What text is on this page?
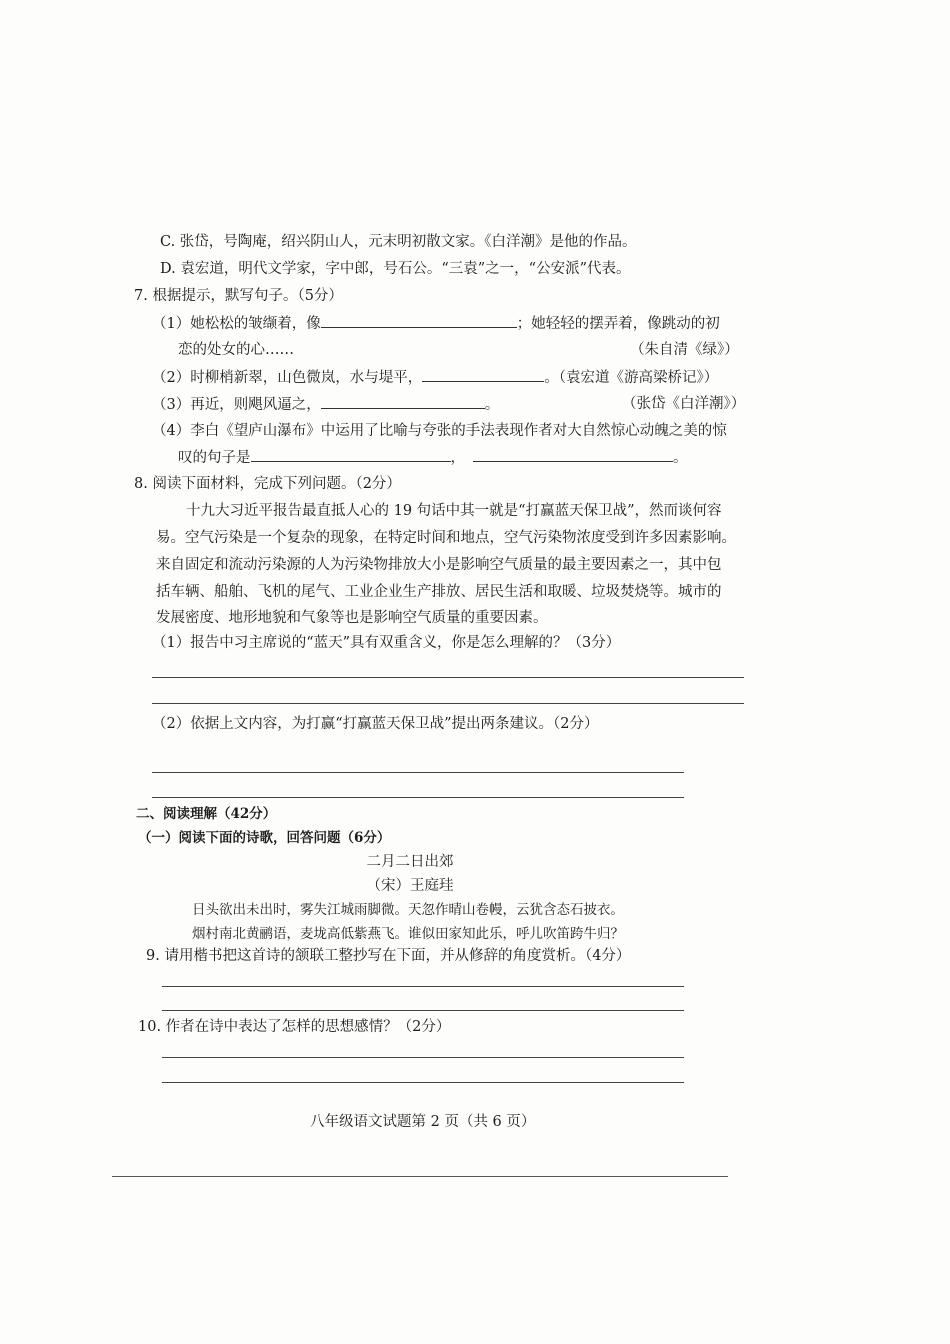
C. 张岱，号陶庵，绍兴阴山人，元末明初散文家。《白洋潮》是他的作品。
D. 袁宏道，明代文学家，字中郎，号石公。“三袁”之一，“公安派”代表。
7. 根据提示，默写句子。（5分）
（1）她松松的皱缬着，像	；她轻轻的摆弄着，像跳动的初
恋的处女的心……	（朱自清《绿》）
（2）时柳梢新翠，山色微岚，水与堤平，	。（袁宏道《游高梁桥记》）
（3）再近，则飓风逼之，	。	（张岱《白洋潮》）
（4）李白《望庐山瀑布》中运用了比喻与夸张的手法表现作者对大自然惊心动魄之美的惊
叹的句子是	，	。
8. 阅读下面材料，完成下列问题。（2分）
十九大习近平报告最直抵人心的 19 句话中其一就是“打赢蓝天保卫战”，然而谈何容
易。空气污染是一个复杂的现象，在特定时间和地点，空气污染物浓度受到许多因素影响。
来自固定和流动污染源的人为污染物排放大小是影响空气质量的最主要因素之一，其中包
括车辆、船舶、飞机的尾气、工业企业生产排放、居民生活和取暖、垃圾焚烧等。城市的
发展密度、地形地貌和气象等也是影响空气质量的重要因素。
（1）报告中习主席说的“蓝天”具有双重含义，你是怎么理解的？（3分）
（2）依据上文内容，为打赢“打赢蓝天保卫战”提出两条建议。（2分）
二、阅读理解（42分）
（一）阅读下面的诗歌，回答问题（6分）
二月二日出郊
（宋）王庭珪
日头欲出未出时，雾失江城雨脚微。天忽作晴山卷幔，云犹含态石披衣。
烟村南北黄鹂语，麦垅高低紫燕飞。谁似田家知此乐，呼儿吹笛跨牛归？
9. 请用楷书把这首诗的颔联工整抄写在下面，并从修辞的角度赏析。（4分）
10. 作者在诗中表达了怎样的思想感情？（2分）
八年级语文试题第 2 页（共 6 页）
